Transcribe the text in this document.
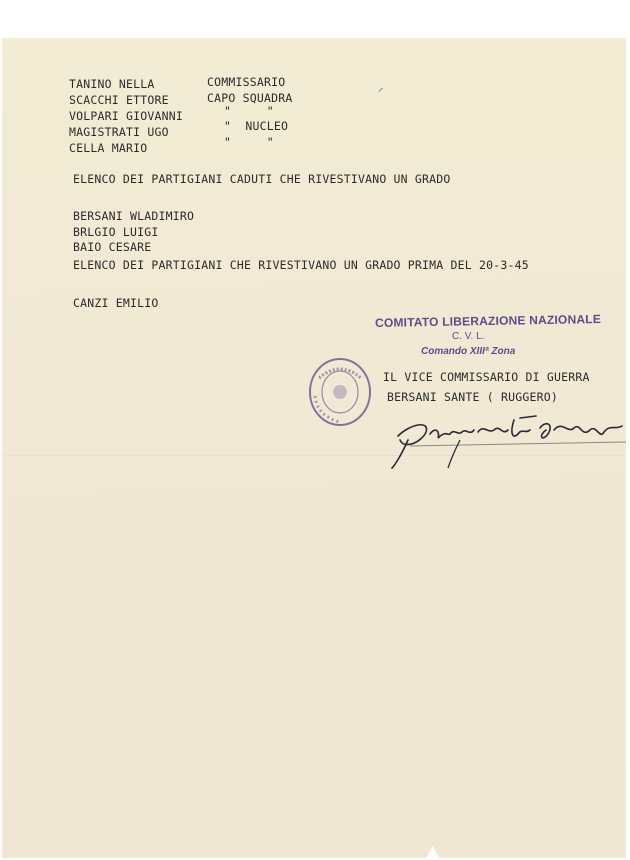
TANINO NELLA	COMMISSARIO	⸝
SCACCHI ETTORE	CAPO SQUADRA
VOLPARI GIOVANNI	"     "
MAGISTRATI UGO	"  NUCLEO
CELLA MARIO	"     "
ELENCO DEI PARTIGIANI CADUTI CHE RIVESTIVANO UN GRADO
BERSANI WLADIMIRO
BRLGIO LUIGI
BAIO CESARE
ELENCO DEI PARTIGIANI CHE RIVESTIVANO UN GRADO PRIMA DEL 20-3-45
CANZI EMILIO
COMITATO LIBERAZIONE NAZIONALE
C. V. L.
Comando XIIIª Zona
IL VICE COMMISSARIO DI GUERRA
BERSANI SANTE ( RUGGERO)
